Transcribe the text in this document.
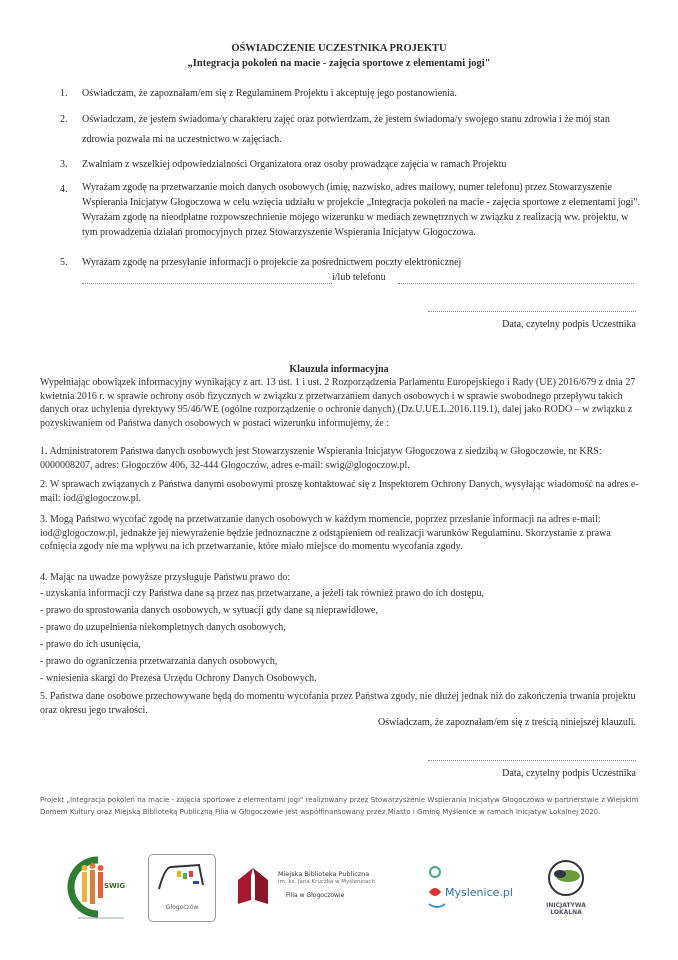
OŚWIADCZENIE UCZESTNIKA PROJEKTU
„Integracja pokoleń na macie - zajęcia sportowe z elementami jogi"
1. Oświadczam, że zapoznałam/em się z Regulaminem Projektu i akceptuję jego postanowienia.
2. Oświadczam, że jestem świadoma/y charakteru zajęć oraz potwierdzam, że jestem świadoma/y swojego stanu zdrowia i że mój stan zdrowia pozwala mi na uczestnictwo w zajęciach.
3. Zwalniam z wszelkiej odpowiedzialności Organizatora oraz osoby prowadzące zajęcia w ramach Projektu
4. Wyrażam zgodę na przetwarzanie moich danych osobowych (imię, nazwisko, adres mailowy, numer telefonu) przez Stowarzyszenie Wspierania Inicjatyw Głogoczowa w celu wzięcia udziału w projekcie „Integracja pokoleń na macie - zajęcia sportowe z elementami jogi". Wyrażam zgodę na nieodpłatne rozpowszechnienie mojego wizerunku w mediach zewnętrznych w związku z realizacją ww. projektu, w tym prowadzenia działań promocyjnych przez Stowarzyszenie Wspierania Inicjatyw Głogoczowa.
5. Wyrażam zgodę na przesyłanie informacji o projekcie za pośrednictwem poczty elektronicznej
i/lub telefonu
Data, czytelny podpis Uczestnika
Klauzula informacyjna

Wypełniając obowiązek informacyjny wynikający z art. 13 ust. 1 i ust. 2 Rozporządzenia Parlamentu Europejskiego i Rady (UE) 2016/679 z dnia 27 kwietnia 2016 r. w sprawie ochrony osób fizycznych w związku z przetwarzaniem danych osobowych i w sprawie swobodnego przepływu takich danych oraz uchylenia dyrektywy 95/46/WE (ogólne rozporządzenie o ochronie danych) (Dz.U.UE.L.2016.119.1), dalej jako RODO – w związku z pozyskiwaniem od Państwa danych osobowych w postaci wizerunku informujemy, że :

1. Administratorem Państwa danych osobowych jest Stowarzyszenie Wspierania Inicjatyw Głogoczowa z siedzibą w Głogoczowie, nr KRS: 0000008207, adres: Głogoczów 406, 32-444 Głogoczów, adres e-mail: swig@glogoczow.pl.

2. W sprawach związanych z Państwa danymi osobowymi proszę kontaktować się z Inspektorem Ochrony Danych, wysyłając wiadomość na adres e-mail: iod@glogoczow.pl.

3. Mogą Państwo wycofać zgodę na przetwarzanie danych osobowych w każdym momencie, poprzez przesłanie informacji na adres e-mail: iod@glogoczow.pl, jednakże jej niewyrażenie będzie jednoznaczne z odstąpieniem od realizacji warunków Regulaminu. Skorzystanie z prawa cofnięcia zgody nie ma wpływu na ich przetwarzanie, które miało miejsce do momentu wycofania zgody.

4. Mając na uwadze powyższe przysługuje Państwu prawo do:

- uzyskania informacji czy Państwa dane są przez nas przetwarzane, a jeżeli tak również prawo do ich dostępu,
- prawo do sprostowania danych osobowych, w sytuacji gdy dane są nieprawidłowe,
- prawo do uzupełnienia niekompletnych danych osobowych,
- prawo do ich usunięcia,
- prawo do ograniczenia przetwarzania danych osobowych,
- wniesienia skargi do Prezesa Urzędu Ochrony Danych Osobowych.

5. Państwa dane osobowe przechowywane będą do momentu wycofania przez Państwa zgody, nie dłużej jednak niż do zakończenia trwania projektu oraz okresu jego trwałości.

Oświadczam, że zapoznałam/em się z treścią niniejszej klauzuli.
Data, czytelny podpis Uczestnika
Projekt „Integracja pokoleń na macie - zajęcia sportowe z elementami jogi" realizowany przez Stowarzyszenie Wspierania Inicjatyw Głogoczowa w partnerstwie z Wiejskim Domem Kultury oraz Miejską Biblioteką Publiczną Filia w Głogoczowie jest współfinansowany przez Miasto i Gminę Myślenice w ramach Inicjatyw Lokalnej 2020.
SWIG
Głogoczów
Miejska Biblioteka Publiczna
im. ks. Jana Kruczka w Myślenicach
Filia w Głogoczowie	Myslenice.pl
INICJATYWA LOKALNA
